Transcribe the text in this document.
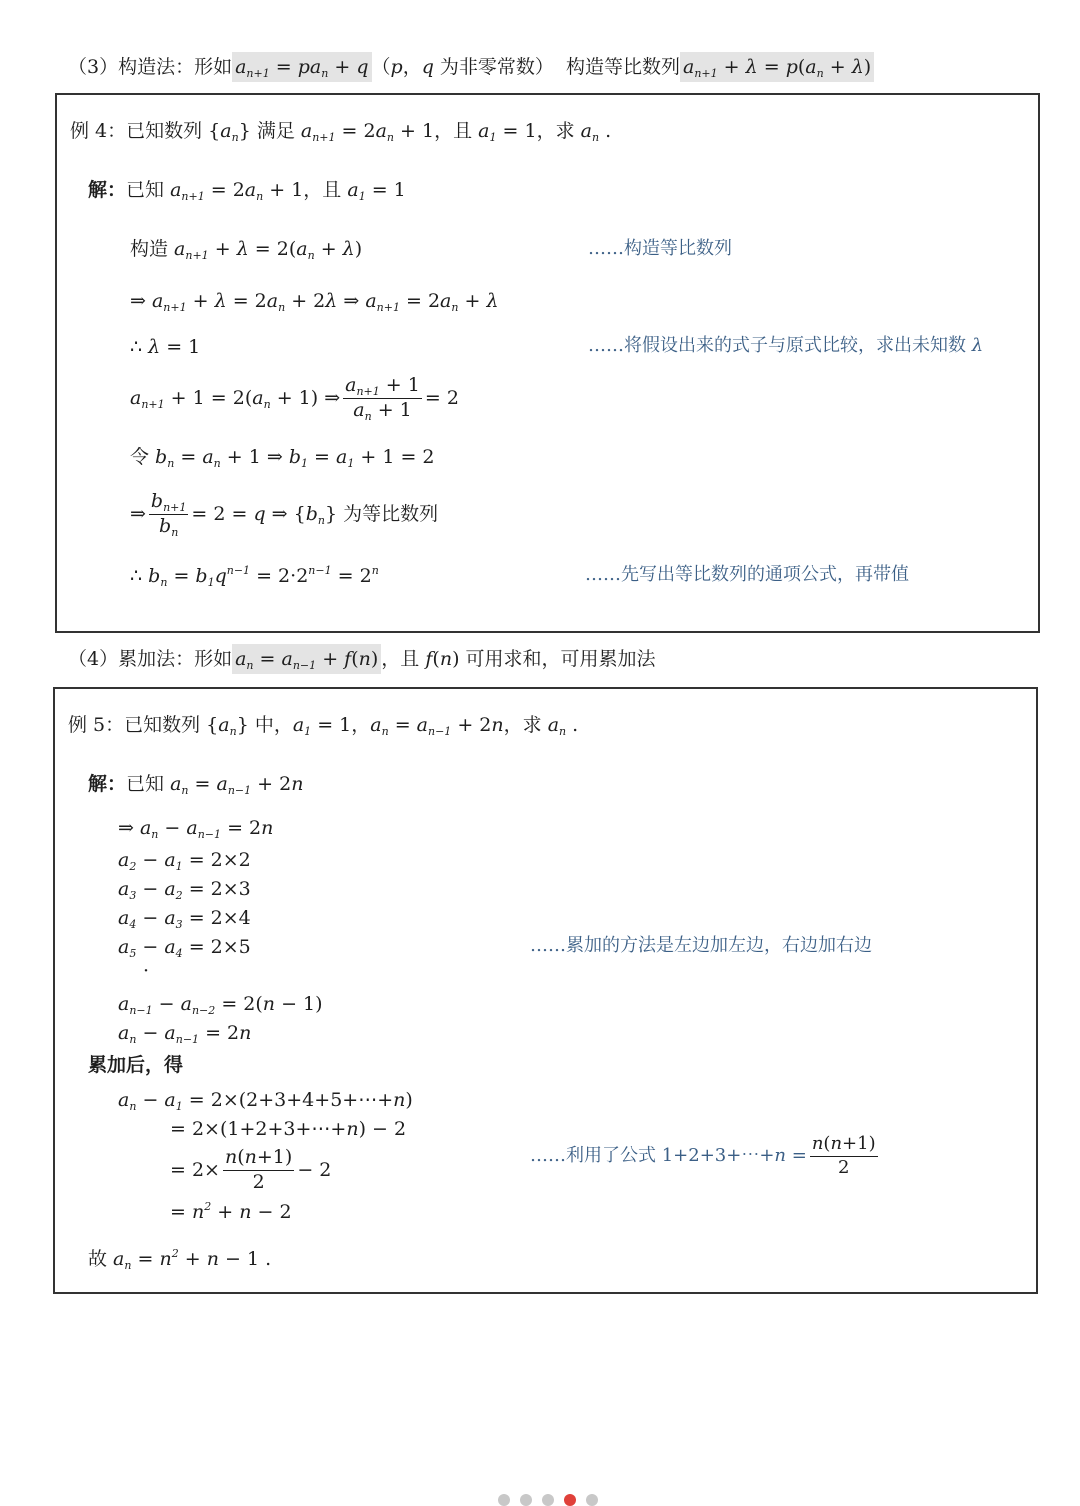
（3）构造法：形如 $a_{n+1} = pa_n + q$ （p，q 为非零常数）  构造等比数列 $a_{n+1} + \lambda = p(a_n + \lambda)$
例 4：已知数列 $\{a_n\}$ 满足 $a_{n+1} = 2a_n + 1$，且 $a_1 = 1$，求 $a_n$ .
解：已知 $a_{n+1} = 2a_n + 1$，且 $a_1 = 1$
构造 $a_{n+1} + \lambda = 2(a_n + \lambda)$	……构造等比数列
⇒ $a_{n+1} + \lambda = 2a_n + 2\lambda$ ⇒ $a_{n+1} = 2a_n + \lambda$
∴ λ = 1	……将假设出来的式子与原式比较，求出未知数 λ
$a_{n+1} + 1 = 2(a_n + 1)$ ⇒ $\frac{a_{n+1} + 1}{a_n + 1} = 2$
令 $b_n = a_n + 1$ ⇒ $b_1 = a_1 + 1 = 2$
⇒ $\frac{b_{n+1}}{b_n} = 2 = q$ ⇒ $\{b_n\}$ 为等比数列
∴ $b_n = b_1q^{n-1} = 2\cdot 2^{n-1} = 2^n$	……先写出等比数列的通项公式，再带值
（4）累加法：形如 $a_n = a_{n-1} + f(n)$ ，且 f(n) 可用求和，可用累加法
例 5：已知数列 $\{a_n\}$ 中，$a_1 = 1$，$a_n = a_{n-1} + 2n$，求 $a_n$ .
解：已知 $a_n = a_{n-1} + 2n$
⇒ $a_n - a_{n-1} = 2n$
$a_2 - a_1 = 2\times 2$
$a_3 - a_2 = 2\times 3$
$a_4 - a_3 = 2\times 4$
$a_5 - a_4 = 2\times 5$
·
$a_{n-1} - a_{n-2} = 2(n - 1)$
$a_n - a_{n-1} = 2n$
……累加的方法是左边加左边，右边加右边
累加后，得
$a_n - a_1$ = 2×(2+3+4+5+⋯+n)
= 2×(1+2+3+⋯+n) − 2
= $2\times \frac{n(n+1)}{2} - 2$
= $n^2 + n - 2$
……利用了公式 1+2+3+⋯+n = $\frac{n(n+1)}{2}$
故 $a_n = n^2 + n - 1$ .
